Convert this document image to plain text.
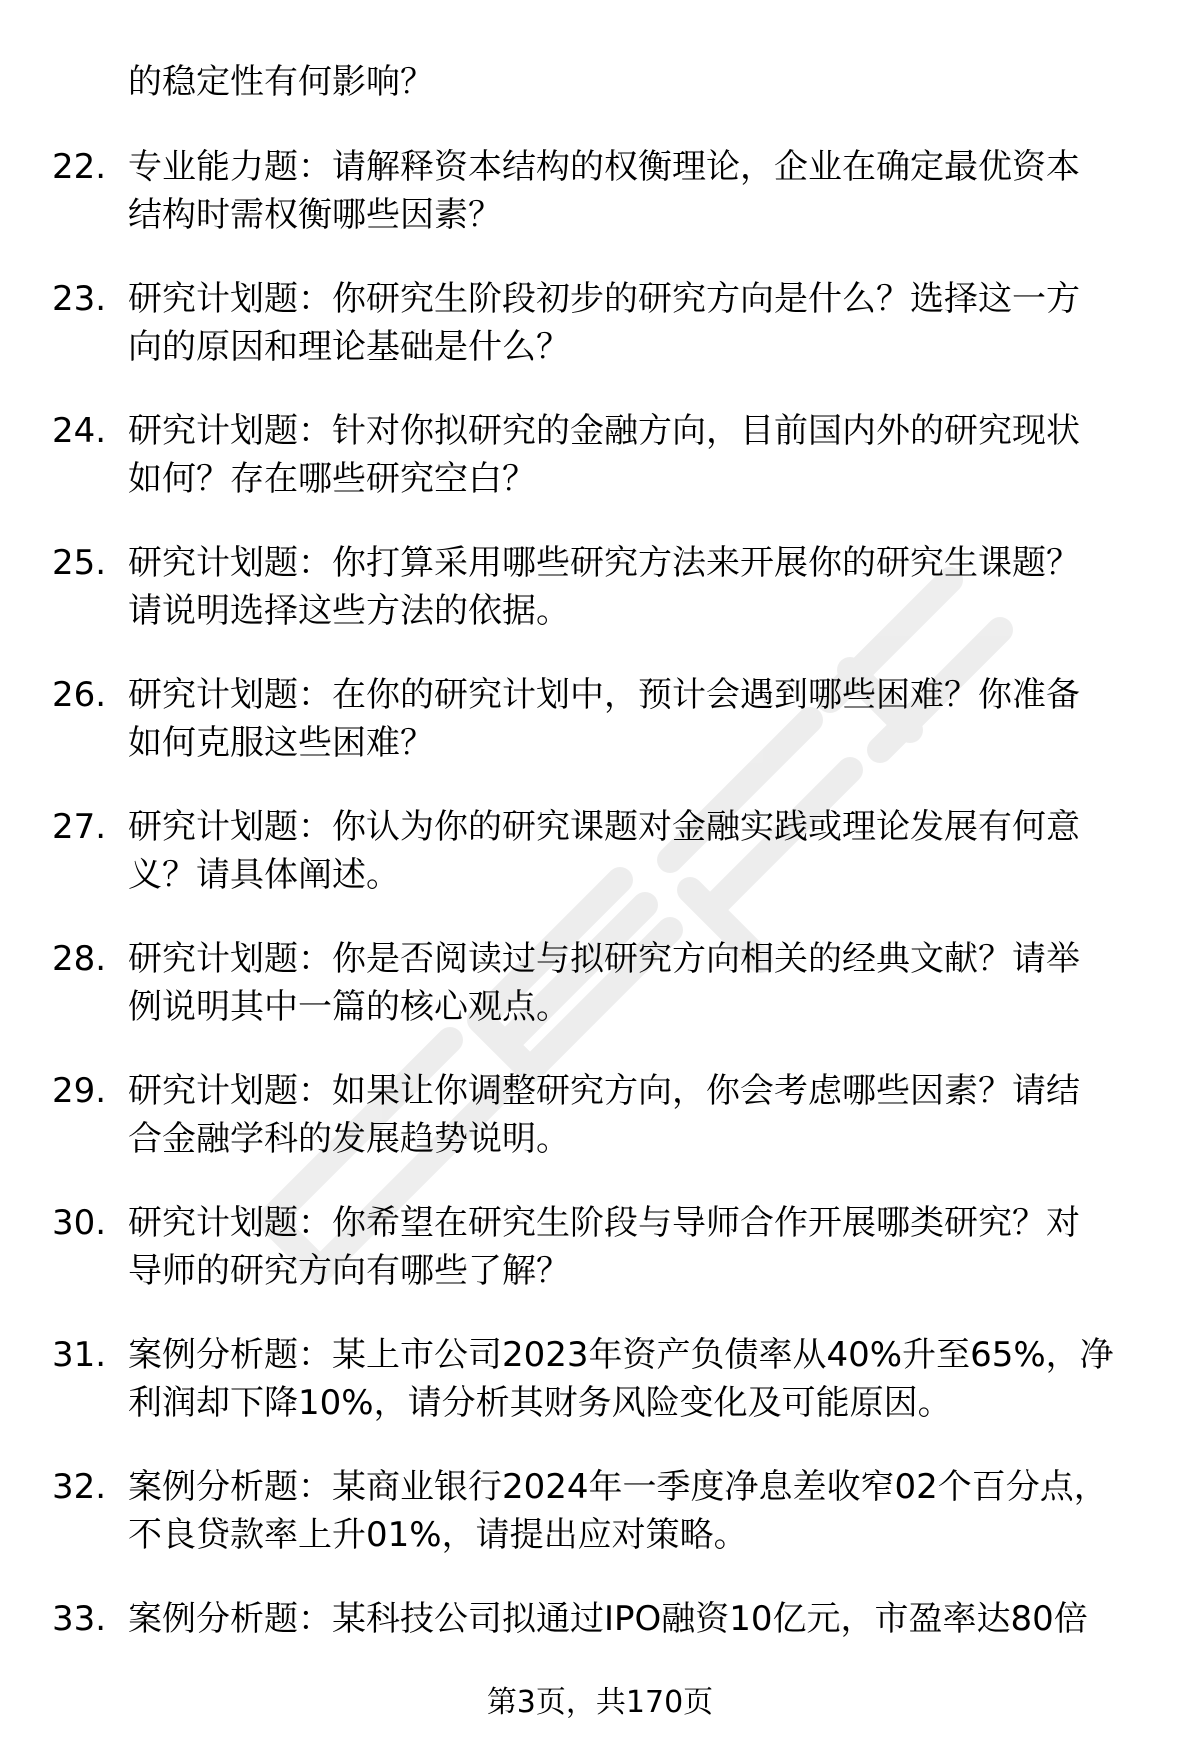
的稳定性有何影响？
22. 专业能力题：请解释资本结构的权衡理论，企业在确定最优资本
结构时需权衡哪些因素？
23. 研究计划题：你研究生阶段初步的研究方向是什么？选择这一方
向的原因和理论基础是什么？
24. 研究计划题：针对你拟研究的金融方向，目前国内外的研究现状
如何？存在哪些研究空白？
25. 研究计划题：你打算采用哪些研究方法来开展你的研究生课题？
请说明选择这些方法的依据。
26. 研究计划题：在你的研究计划中，预计会遇到哪些困难？你准备
如何克服这些困难？
27. 研究计划题：你认为你的研究课题对金融实践或理论发展有何意
义？请具体阐述。
28. 研究计划题：你是否阅读过与拟研究方向相关的经典文献？请举
例说明其中一篇的核心观点。
29. 研究计划题：如果让你调整研究方向，你会考虑哪些因素？请结
合金融学科的发展趋势说明。
30. 研究计划题：你希望在研究生阶段与导师合作开展哪类研究？对
导师的研究方向有哪些了解？
31. 案例分析题：某上市公司2023年资产负债率从40%升至65%，净
利润却下降10%，请分析其财务风险变化及可能原因。
32. 案例分析题：某商业银行2024年一季度净息差收窄02个百分点，
不良贷款率上升01%，请提出应对策略。
33. 案例分析题：某科技公司拟通过IPO融资10亿元，市盈率达80倍
第3页，共170页
